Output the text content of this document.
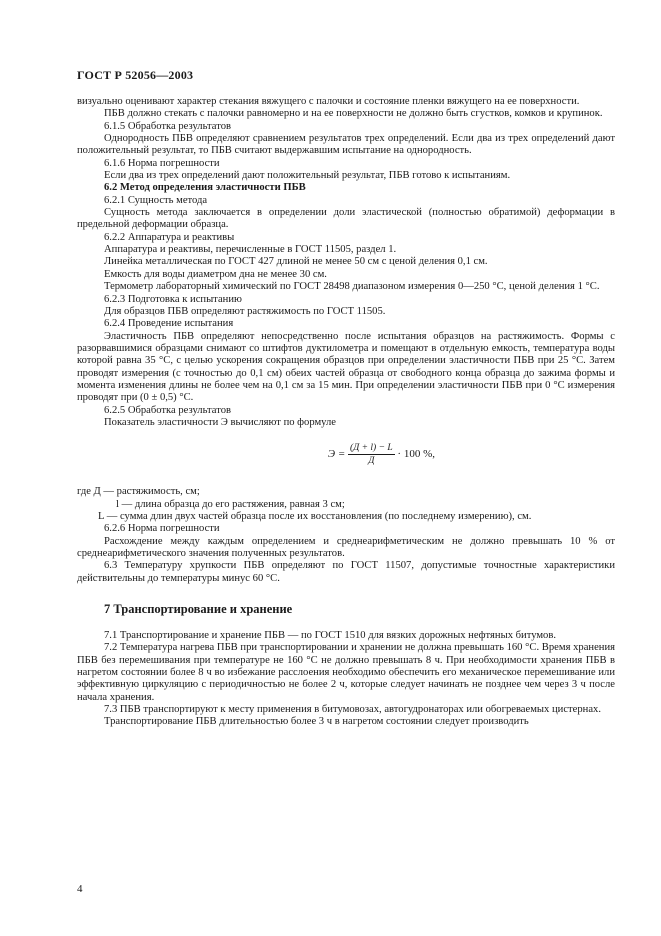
ГОСТ Р 52056—2003

визуально оценивают характер стекания вяжущего с палочки и состояние пленки вяжущего на ее поверхности.

ПБВ должно стекать с палочки равномерно и на ее поверхности не должно быть сгустков, комков и крупинок.

6.1.5 Обработка результатов

Однородность ПБВ определяют сравнением результатов трех определений. Если два из трех определений дают положительный результат, то ПБВ считают выдержавшим испытание на однородность.

6.1.6 Норма погрешности

Если два из трех определений дают положительный результат, ПБВ готово к испытаниям.

6.2 Метод определения эластичности ПБВ

6.2.1 Сущность метода

Сущность метода заключается в определении доли эластической (полностью обратимой) деформации в предельной деформации образца.

6.2.2 Аппаратура и реактивы

Аппаратура и реактивы, перечисленные в ГОСТ 11505, раздел 1.

Линейка металлическая по ГОСТ 427 длиной не менее 50 см с ценой деления 0,1 см.

Емкость для воды диаметром дна не менее 30 см.

Термометр лабораторный химический по ГОСТ 28498 диапазоном измерения 0—250 °С, ценой деления 1 °С.

6.2.3 Подготовка к испытанию

Для образцов ПБВ определяют растяжимость по ГОСТ 11505.

6.2.4 Проведение испытания

Эластичность ПБВ определяют непосредственно после испытания образцов на растяжимость. Формы с разорвавшимися образцами снимают со штифтов дуктилометра и помещают в отдельную емкость, температура воды которой равна 35 °С, с целью ускорения сокращения образцов при определении эластичности ПБВ при 25 °С. Затем проводят измерения (с точностью до 0,1 см) обеих частей образца от свободного конца образца до зажима формы и момента изменения длины не более чем на 0,1 см за 15 мин. При определении эластичности ПБВ при 0 °С измерения проводят при (0 ± 0,5) °С.

6.2.5 Обработка результатов

Показатель эластичности Э вычисляют по формуле

$Э = \frac{(Д + l) - L}{Д} \cdot 100$ %,

где Д — растяжимость, см;

l — длина образца до его растяжения, равная 3 см;

L — сумма длин двух частей образца после их восстановления (по последнему измерению), см.

6.2.6 Норма погрешности

Расхождение между каждым определением и среднеарифметическим не должно превышать 10 % от среднеарифметического значения полученных результатов.

6.3 Температуру хрупкости ПБВ определяют по ГОСТ 11507, допустимые точностные характеристики действительны до температуры минус 60 °С.

7 Транспортирование и хранение

7.1 Транспортирование и хранение ПБВ — по ГОСТ 1510 для вязких дорожных нефтяных битумов.

7.2 Температура нагрева ПБВ при транспортировании и хранении не должна превышать 160 °С. Время хранения ПБВ без перемешивания при температуре не 160 °С не должно превышать 8 ч. При необходимости хранения ПБВ в нагретом состоянии более 8 ч во избежание расслоения необходимо обеспечить его механическое перемешивание или эффективную циркуляцию с периодичностью не более 2 ч, которые следует начинать не позднее чем через 3 ч после начала хранения.

7.3 ПБВ транспортируют к месту применения в битумовозах, автогудронаторах или обогреваемых цистернах.

Транспортирование ПБВ длительностью более 3 ч в нагретом состоянии следует производить

4
